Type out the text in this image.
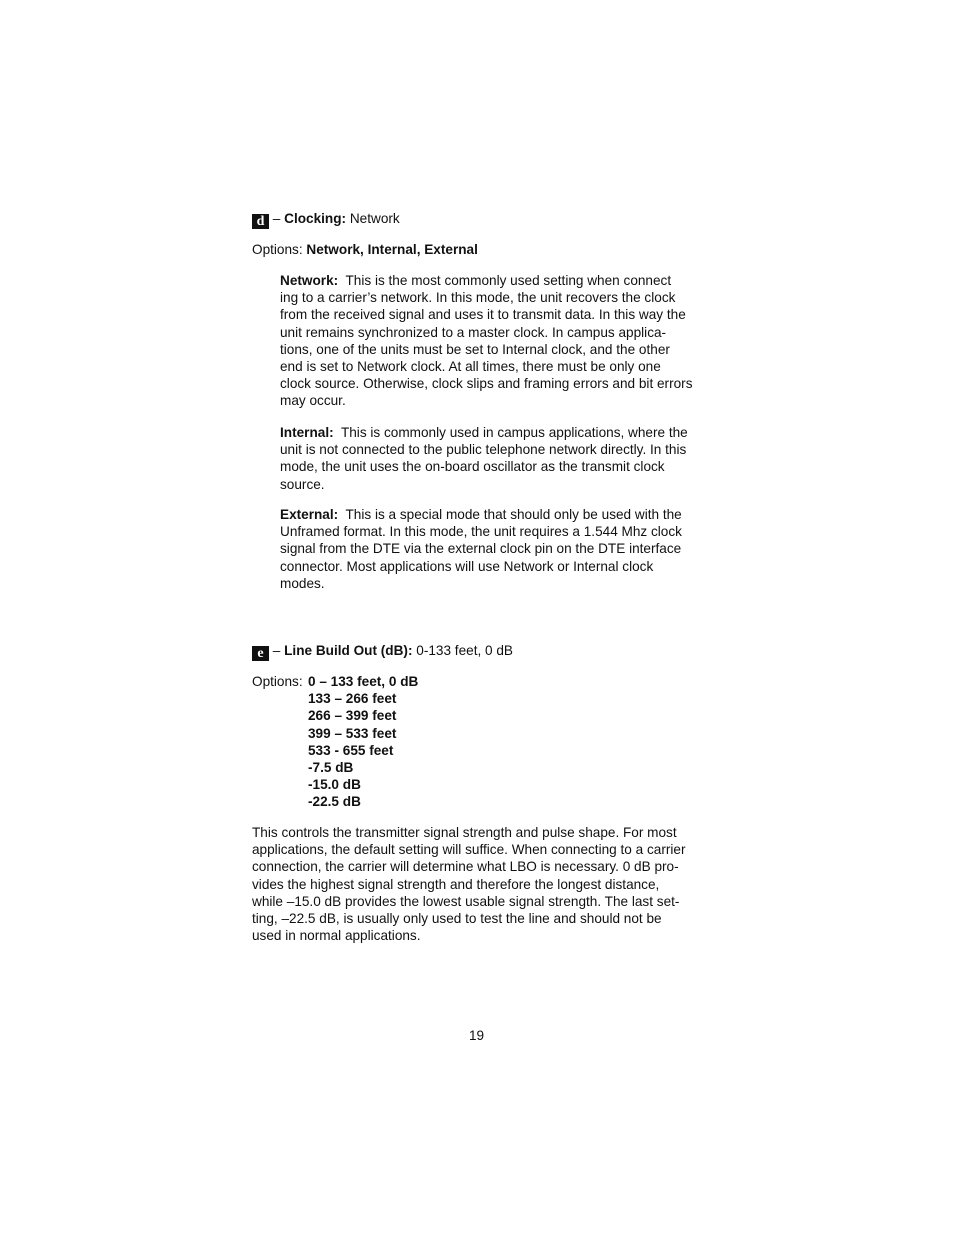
d – Clocking: Network
Options: Network, Internal, External
Network: This is the most commonly used setting when connect
ing to a carrier’s network. In this mode, the unit recovers the clock
from the received signal and uses it to transmit data. In this way the
unit remains synchronized to a master clock. In campus applica-
tions, one of the units must be set to Internal clock, and the other
end is set to Network clock. At all times, there must be only one
clock source. Otherwise, clock slips and framing errors and bit errors
may occur.
Internal: This is commonly used in campus applications, where the
unit is not connected to the public telephone network directly. In this
mode, the unit uses the on-board oscillator as the transmit clock
source.
External: This is a special mode that should only be used with the
Unframed format. In this mode, the unit requires a 1.544 Mhz clock
signal from the DTE via the external clock pin on the DTE interface
connector. Most applications will use Network or Internal clock
modes.
e – Line Build Out (dB): 0-133 feet, 0 dB
Options: 0 – 133 feet, 0 dB
133 – 266 feet
266 – 399 feet
399 – 533 feet
533 - 655 feet
-7.5 dB
-15.0 dB
-22.5 dB
This controls the transmitter signal strength and pulse shape. For most
applications, the default setting will suffice. When connecting to a carrier
connection, the carrier will determine what LBO is necessary. 0 dB pro-
vides the highest signal strength and therefore the longest distance,
while –15.0 dB provides the lowest usable signal strength. The last set-
ting, –22.5 dB, is usually only used to test the line and should not be
used in normal applications.
19
